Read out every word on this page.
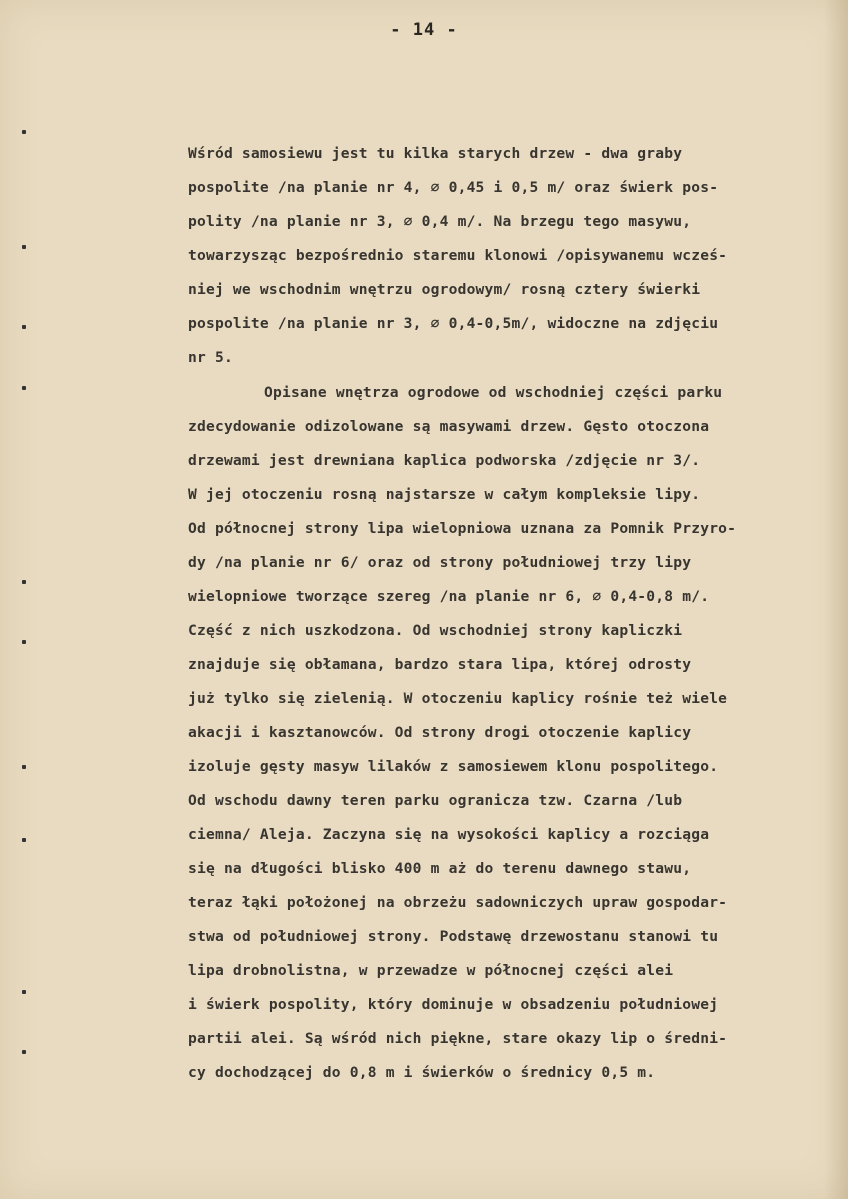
- 14 -
Wśród samosiewu jest tu kilka starych drzew - dwa graby
pospolite /na planie nr 4, ∅ 0,45 i 0,5 m/ oraz świerk pos-
polity /na planie nr 3, ∅ 0,4 m/. Na brzegu tego masywu,
towarzysząc bezpośrednio staremu klonowi /opisywanemu wcześ-
niej we wschodnim wnętrzu ogrodowym/ rosną cztery świerki
pospolite /na planie nr 3, ∅ 0,4-0,5m/, widoczne na zdjęciu
nr 5.
Opisane wnętrza ogrodowe od wschodniej części parku
zdecydowanie odizolowane są masywami drzew. Gęsto otoczona
drzewami jest drewniana kaplica podworska /zdjęcie nr 3/.
W jej otoczeniu rosną najstarsze w całym kompleksie lipy.
Od północnej strony lipa wielopniowa uznana za Pomnik Przyro-
dy /na planie nr 6/ oraz od strony południowej trzy lipy
wielopniowe tworzące szereg /na planie nr 6, ∅ 0,4-0,8 m/.
Część z nich uszkodzona. Od wschodniej strony kapliczki
znajduje się obłamana, bardzo stara lipa, której odrosty
już tylko się zielenią. W otoczeniu kaplicy rośnie też wiele
akacji i kasztanowców. Od strony drogi otoczenie kaplicy
izoluje gęsty masyw lilaków z samosiewem klonu pospolitego.
Od wschodu dawny teren parku ogranicza tzw. Czarna /lub
ciemna/ Aleja. Zaczyna się na wysokości kaplicy a rozciąga
się na długości blisko 400 m aż do terenu dawnego stawu,
teraz łąki położonej na obrzeżu sadowniczych upraw gospodar-
stwa od południowej strony. Podstawę drzewostanu stanowi tu
lipa drobnolistna, w przewadze w północnej części alei
i świerk pospolity, który dominuje w obsadzeniu południowej
partii alei. Są wśród nich piękne, stare okazy lip o średni-
cy dochodzącej do 0,8 m i świerków o średnicy 0,5 m.
